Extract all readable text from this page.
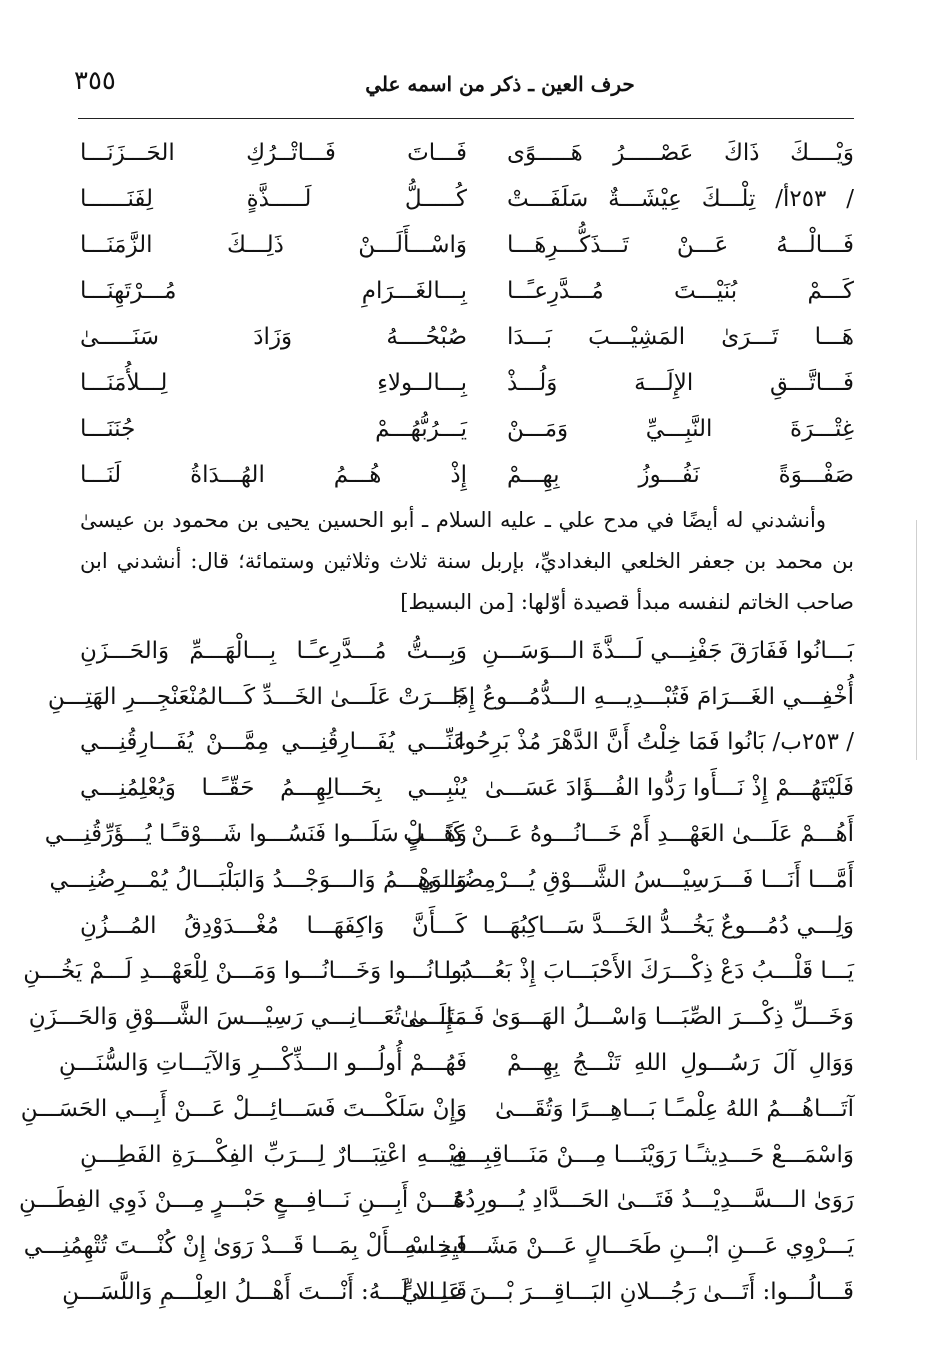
٣٥٥	حرف العين ـ ذكر من اسمه علي
وَيْــــكَ ذَاكَ عَصْـــــرُ هَـــــوًى
فَـــاتَ فَـــاتْــرُكِ الحَـــزَنَـــا
/ ٢٥٣أ/ تِلْـــكَ عِيْشَـــةٌ سَلَفَـــتْ
كُـــــلُّ لَـــــذَّةٍ لِفَنَــــــا
فَـــالْـــهُ عَـــنْ تَـــذَكُّـــرِهَـــا
وَاسْـــأَلَـــنْ ذَلِـــكَ الزَّمَنَـــا
كَـــمْ بُنَيْـــتَ مُـــدَّرِعـًــا
بِـــالغَـــرَامِ مُـــرْتَهِنَـــا
هَـــا تَـــرَىٰ المَشِيْـــبَ بَـــدَا
صُبْحُــــهُ وَزَادَ سَنَـــــىٰ
فَـــاتَّـــقِ الإِلَـــهَ وَلُـــذْ
بِـــالــولاءِ لِـــلأُمَنَـــا
غِتْـــرَةَ النَّبِـــيِّ وَمَـــنْ
يَـــرُبُّهُـــمْ جُنَنَـــا
صَفْـــوَةً نَفُـــوزُ بِهِـــمْ
إِذْ هُـــمُ الهُـــدَاةُ لَنَـــا

وأنشدني له أيضًا في مدح علي ـ عليه السلام ـ أبو الحسين يحيى بن محمود بن عيسىٰ بن محمد بن جعفر الخلعي البغداديِّ، بإربل سنة ثلاث وثلاثين وستمائة؛ قال: أنشدني ابن صاحب الخاتم لنفسه مبدأ قصيدة أوّلها: [من البسيط]

بَـــانُوا فَفَارَقَ جَفْنِـــي لَـــذَّةَ الـــوَسَـــنِ
وَبِـــتُّ مُـــدَّرِعـًـا بِـــالْهَـــمِّ وَالحَـــزَنِ
أُخْفِـــي الغَـــرَامَ فَتُبْـــدِيـــهِ الـــدُّمُـــوعُ إِذَا
جَـــرَتْ عَلَـــىٰ الخَـــدِّ كَـــالمُنْعَنْجِـــرِ الهَتِـــنِ
/ ٢٥٣ب/ بَانُوا فَمَا خِلْتُ أَنَّ الدَّهْرَ مُذْ بَرِحُوا
عَنِّـــي يُفَـــارِقُنِـــي مِمَّـــنْ يُفَـــارِقُنِـــي
فَلَيْتَهُـــمْ إِذْ نَـــأَوا رَدُّوا الفُـــؤَادَ عَسَـــىٰ
يُنْبِـــي بِحَـــالِهِـــمُ حَقّـًــا وَيُعْلِمُنِـــي
أَهُـــمْ عَلَـــىٰ العَهْـــدِ أَمْ خَـــانُـــوهُ عَـــنْ كَثَـــبٍ
وَهَـــلْ سَلَـــوا فَنَسُـــوا شَـــوْقـًـا يُـــؤَرِّقُنِـــي
أَمَّـــا أَنَـــا فَـــرَسِيْـــسُ الشَّـــوْقِ يُـــرْمِضُنِـــي
وَالوَهْـــمُ وَالـــوَجْـــدُ وَالبَلْبَـــالُ يُمْـــرِضُنِـــي
وَلِـــي دُمُـــوعٌ يَخُـــدُّ الخَـــدَّ سَـــاكِبُهَـــا
كَـــأَنَّ وَاكِفَهَـــا مُغْـــدَوْدِقُ المُـــزُنِ
يَـــا قَلْـــبُ دَعْ ذِكْـــرَكَ الأَحْبَـــابَ إِذْ بَعُـــدُوا
بَـــانُـــوا وَخَـــانُـــوا وَمَـــنْ لِلْعَهْـــدِ لَـــمْ يَخُـــنِ
وَخَـــلِّ ذِكْـــرَ الصِّبَـــا وَاسْـــلُ الهَـــوَىٰ فَـــإِلَـــىٰ
مَتَـــىٰ تُعَـــانِـــي رَسِيْـــسَ الشَّـــوْقِ وَالحَـــزَنِ
وَوَالِ آلَ رَسُـــولِ اللهِ تَنْـــجُ بِهِـــمْ
فَهُـــمْ أُولُـــو الـــذِّكْـــرِ وَالآيَـــاتِ وَالسُّنَـــنِ
آتَـــاهُـــمُ اللهُ عِلْمـًـا بَـــاهِـــرًا وَتُقَـــىٰ
وَإِنْ سَلَكْـــتَ فَسَـــائِـــلْ عَـــنْ أَبِـــي الحَسَـــنِ
وَاسْمَـــعْ حَـــدِيثـًـا رَوَيْنَـــا مِـــنْ مَنَـــاقِبِـــهِ
فِيْـــهِ اعْتِبَـــارٌ لِـــرَبِّ الفِكْـــرَةِ الفَطِـــنِ
رَوَىٰ الـــسَّـــدِيْـــدُ فَتَـــىٰ الحَـــدَّادِ يُـــورِدُهُ
عَـــنْ أَبِـــنِ نَـــافِـــعٍ حَبْـــرٍ مِـــنْ ذَوِي الفِطَـــنِ
يَـــرْوِي عَـــنِ ابْـــنِ طَحَـــالٍ عَـــنْ مَشَـــايِخِـــهِ
فَـــاسْـــأَلْ بِمَـــا قَـــدْ رَوَىٰ إِنْ كُنْـــتَ تُتْهِمُنِـــي
قَـــالُـــوا: أَتَـــىٰ رَجُـــلانِ البَـــاقِـــرَ بْـــنَ عَلِـــيٍّ
قَـــالا لَـــهُ: أَنْـــتَ أَهْـــلُ العِلْـــمِ وَاللَّسَـــنِ
